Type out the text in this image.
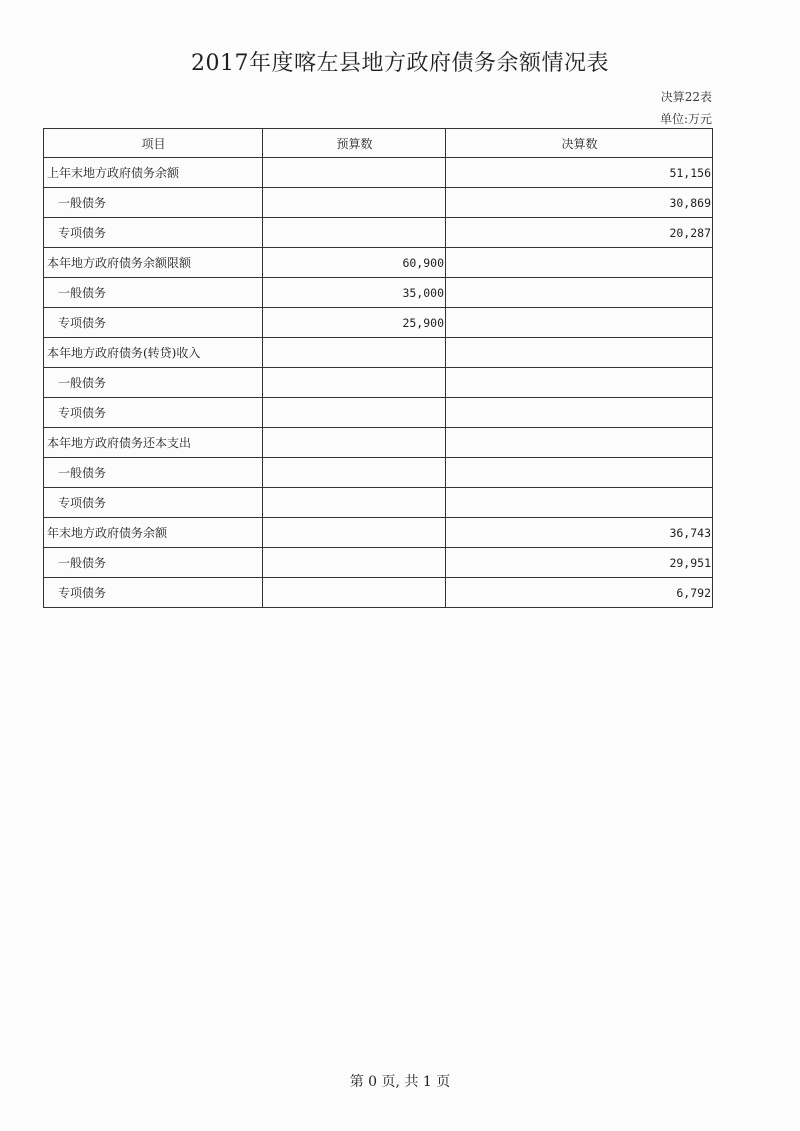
2017年度喀左县地方政府债务余额情况表
决算22表
单位:万元
项目	预算数	决算数
上年末地方政府债务余额		51,156
一般债务		30,869
专项债务		20,287
本年地方政府债务余额限额	60,900	
一般债务	35,000	
专项债务	25,900	
本年地方政府债务(转贷)收入		
一般债务		
专项债务		
本年地方政府债务还本支出		
一般债务		
专项债务		
年末地方政府债务余额		36,743
一般债务		29,951
专项债务		6,792
第 0 页, 共 1 页
